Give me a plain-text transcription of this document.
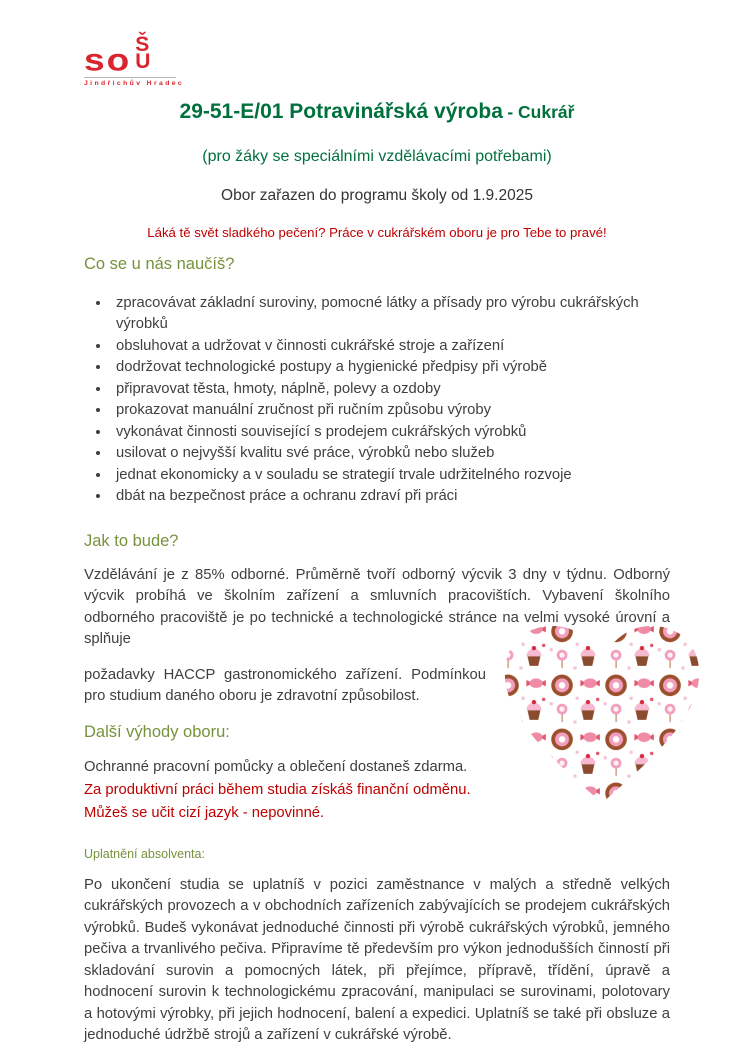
so Š
U
Jindřichův Hradec
29-51-E/01 Potravinářská výroba - Cukrář
(pro žáky se speciálními vzdělávacími potřebami)
Obor zařazen do programu školy od 1.9.2025
Láká tě svět sladkého pečení? Práce v cukrářském oboru je pro Tebe to pravé!
Co se u nás naučíš?
• zpracovávat základní suroviny, pomocné látky a přísady pro výrobu cukrářských výrobků
• obsluhovat a udržovat v činnosti cukrářské stroje a zařízení
• dodržovat technologické postupy a hygienické předpisy při výrobě
• připravovat těsta, hmoty, náplně, polevy a ozdoby
• prokazovat manuální zručnost při ručním způsobu výroby
• vykonávat činnosti související s prodejem cukrářských výrobků
• usilovat o nejvyšší kvalitu své práce, výrobků nebo služeb
• jednat ekonomicky a v souladu se strategií trvale udržitelného rozvoje
• dbát na bezpečnost práce a ochranu zdraví při práci
Jak to bude?

Vzdělávání je z 85% odborné. Průměrně tvoří odborný výcvik 3 dny v týdnu. Odborný výcvik probíhá ve školním zařízení a smluvních pracovištích. Vybavení školního odborného pracoviště je po technické a technologické stránce na velmi vysoké úrovní a splňuje

požadavky HACCP gastronomického zařízení. Podmínkou pro studium daného oboru je zdravotní způsobilost.

Další výhody oboru:

Ochranné pracovní pomůcky a oblečení dostaneš zdarma.

Za produktivní práci během studia získáš finanční odměnu.

Můžeš se učit cizí jazyk - nepovinné.

Uplatnění absolventa:

Po ukončení studia se uplatníš v pozici zaměstnance v malých a středně velkých cukrářských provozech a v obchodních zařízeních zabývajících se prodejem cukrářských výrobků. Budeš vykonávat jednoduché činnosti při výrobě cukrářských výrobků, jemného pečiva a trvanlivého pečiva. Připravíme tě především pro výkon jednodušších činností při skladování surovin a pomocných látek, při přejímce, přípravě, třídění, úpravě a hodnocení surovin k technologickému zpracování, manipulaci se surovinami, polotovary a hotovými výrobky, při jejich hodnocení, balení a expedici. Uplatníš se také při obsluze a jednoduché údržbě strojů a zařízení v cukrářské výrobě.
